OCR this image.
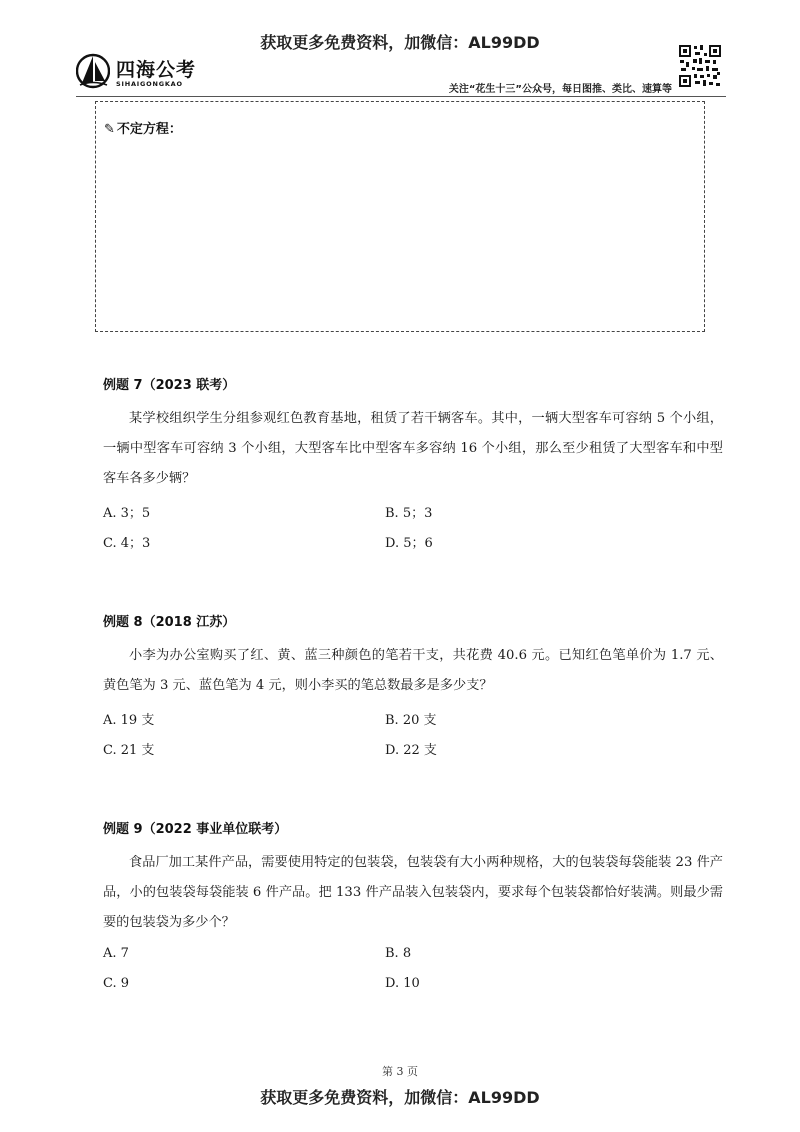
获取更多免费资料，加微信：AL99DD
四海公考
SIHAIGONGKAO	关注“花生十三”公众号，每日图推、类比、速算等
✎ 不定方程：
例题 7（2023 联考）

某学校组织学生分组参观红色教育基地，租赁了若干辆客车。其中，一辆大型客车可容纳 5 个小组，一辆中型客车可容纳 3 个小组，大型客车比中型客车多容纳 16 个小组，那么至少租赁了大型客车和中型客车各多少辆？

A. 3；5	B. 5；3
C. 4；3	D. 5；6
例题 8（2018 江苏）

小李为办公室购买了红、黄、蓝三种颜色的笔若干支，共花费 40.6 元。已知红色笔单价为 1.7 元、黄色笔为 3 元、蓝色笔为 4 元，则小李买的笔总数最多是多少支？

A. 19 支	B. 20 支
C. 21 支	D. 22 支
例题 9（2022 事业单位联考）

食品厂加工某件产品，需要使用特定的包装袋，包装袋有大小两种规格，大的包装袋每袋能装 23 件产品，小的包装袋每袋能装 6 件产品。把 133 件产品装入包装袋内，要求每个包装袋都恰好装满。则最少需要的包装袋为多少个？

A. 7	B. 8
C. 9	D. 10
第 3 页
获取更多免费资料，加微信：AL99DD
